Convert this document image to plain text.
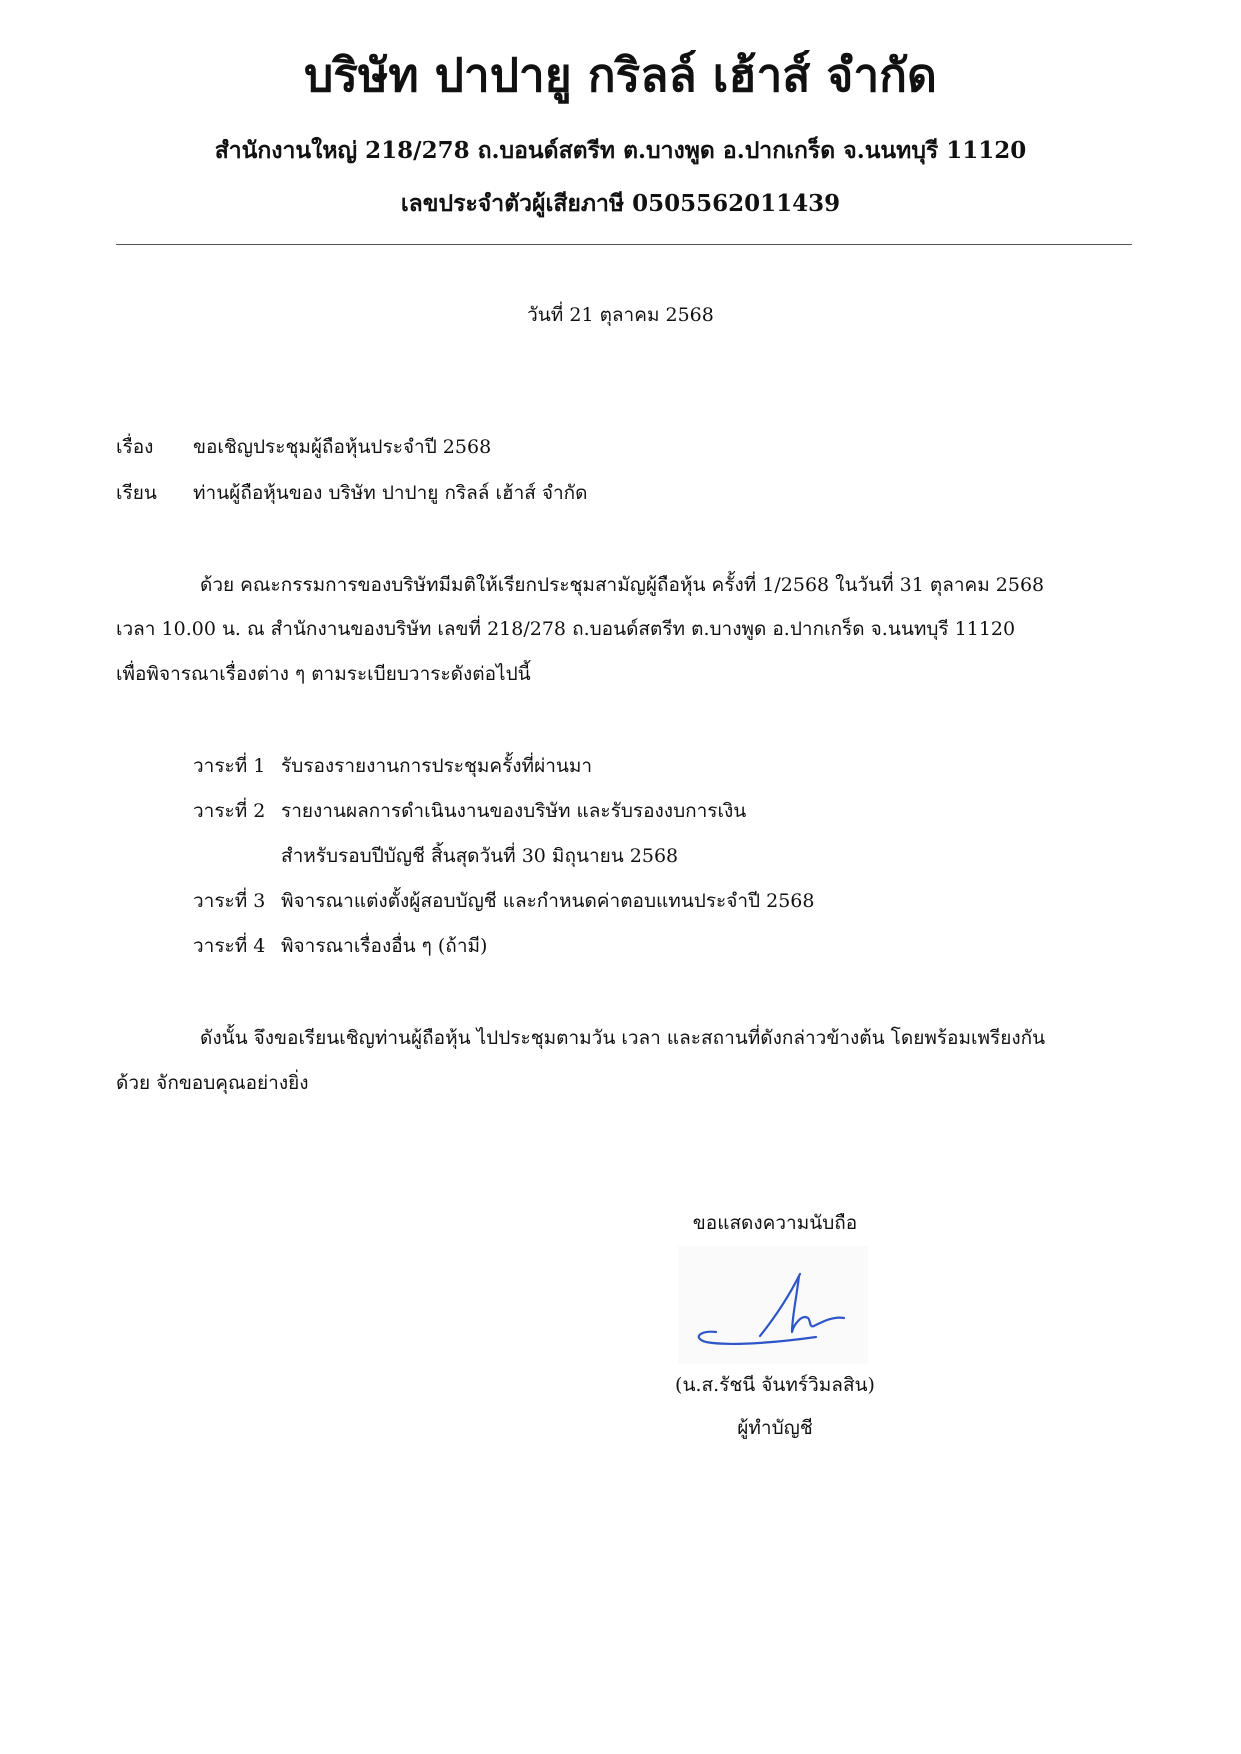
บริษัท ปาปายู กริลล์ เฮ้าส์ จำกัด
สำนักงานใหญ่ 218/278 ถ.บอนด์สตรีท ต.บางพูด อ.ปากเกร็ด จ.นนทบุรี 11120
เลขประจำตัวผู้เสียภาษี 0505562011439
วันที่ 21 ตุลาคม 2568
เรื่อง ขอเชิญประชุมผู้ถือหุ้นประจำปี 2568
เรียน ท่านผู้ถือหุ้นของ บริษัท ปาปายู กริลล์ เฮ้าส์ จำกัด
ด้วย คณะกรรมการของบริษัทมีมติให้เรียกประชุมสามัญผู้ถือหุ้น ครั้งที่ 1/2568 ในวันที่ 31 ตุลาคม 2568
เวลา 10.00 น. ณ สำนักงานของบริษัท เลขที่ 218/278 ถ.บอนด์สตรีท ต.บางพูด อ.ปากเกร็ด จ.นนทบุรี 11120
เพื่อพิจารณาเรื่องต่าง ๆ ตามระเบียบวาระดังต่อไปนี้
วาระที่ 1 รับรองรายงานการประชุมครั้งที่ผ่านมา
วาระที่ 2 รายงานผลการดำเนินงานของบริษัท และรับรองงบการเงิน
สำหรับรอบปีบัญชี สิ้นสุดวันที่ 30 มิถุนายน 2568
วาระที่ 3 พิจารณาแต่งตั้งผู้สอบบัญชี และกำหนดค่าตอบแทนประจำปี 2568
วาระที่ 4 พิจารณาเรื่องอื่น ๆ (ถ้ามี)
ดังนั้น จึงขอเรียนเชิญท่านผู้ถือหุ้น ไปประชุมตามวัน เวลา และสถานที่ดังกล่าวข้างต้น โดยพร้อมเพรียงกัน
ด้วย จักขอบคุณอย่างยิ่ง
ขอแสดงความนับถือ
(น.ส.รัชนี จันทร์วิมลสิน)
ผู้ทำบัญชี
